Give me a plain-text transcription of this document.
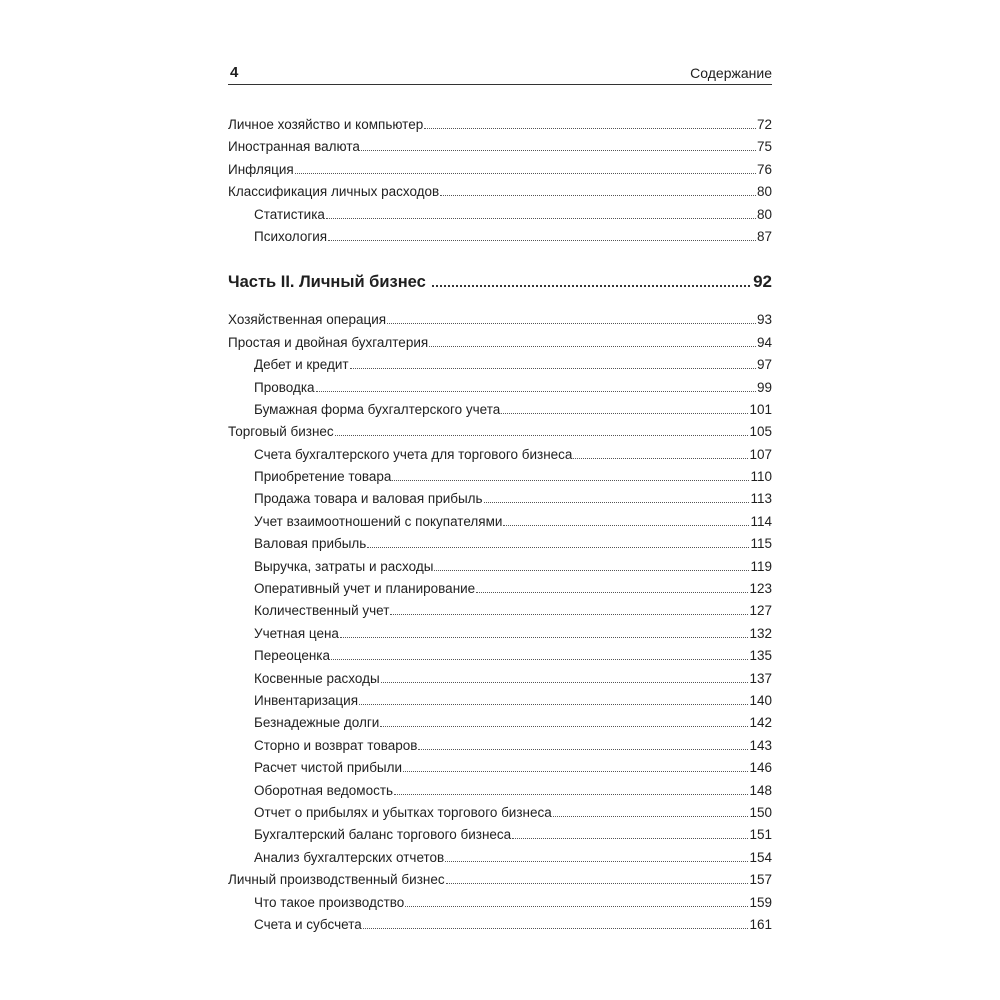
4	Содержание
Личное хозяйство и компьютер	72
Иностранная валюта	75
Инфляция	76
Классификация личных расходов	80
Статистика	80
Психология	87
Часть II. Личный бизнес	92
Хозяйственная операция	93
Простая и двойная бухгалтерия	94
Дебет и кредит	97
Проводка	99
Бумажная форма бухгалтерского учета	101
Торговый бизнес	105
Счета бухгалтерского учета для торгового бизнеса	107
Приобретение товара	110
Продажа товара и валовая прибыль	113
Учет взаимоотношений с покупателями	114
Валовая прибыль	115
Выручка, затраты и расходы	119
Оперативный учет и планирование	123
Количественный учет	127
Учетная цена	132
Переоценка	135
Косвенные расходы	137
Инвентаризация	140
Безнадежные долги	142
Сторно и возврат товаров	143
Расчет чистой прибыли	146
Оборотная ведомость	148
Отчет о прибылях и убытках торгового бизнеса	150
Бухгалтерский баланс торгового бизнеса	151
Анализ бухгалтерских отчетов	154
Личный производственный бизнес	157
Что такое производство	159
Счета и субсчета	161
